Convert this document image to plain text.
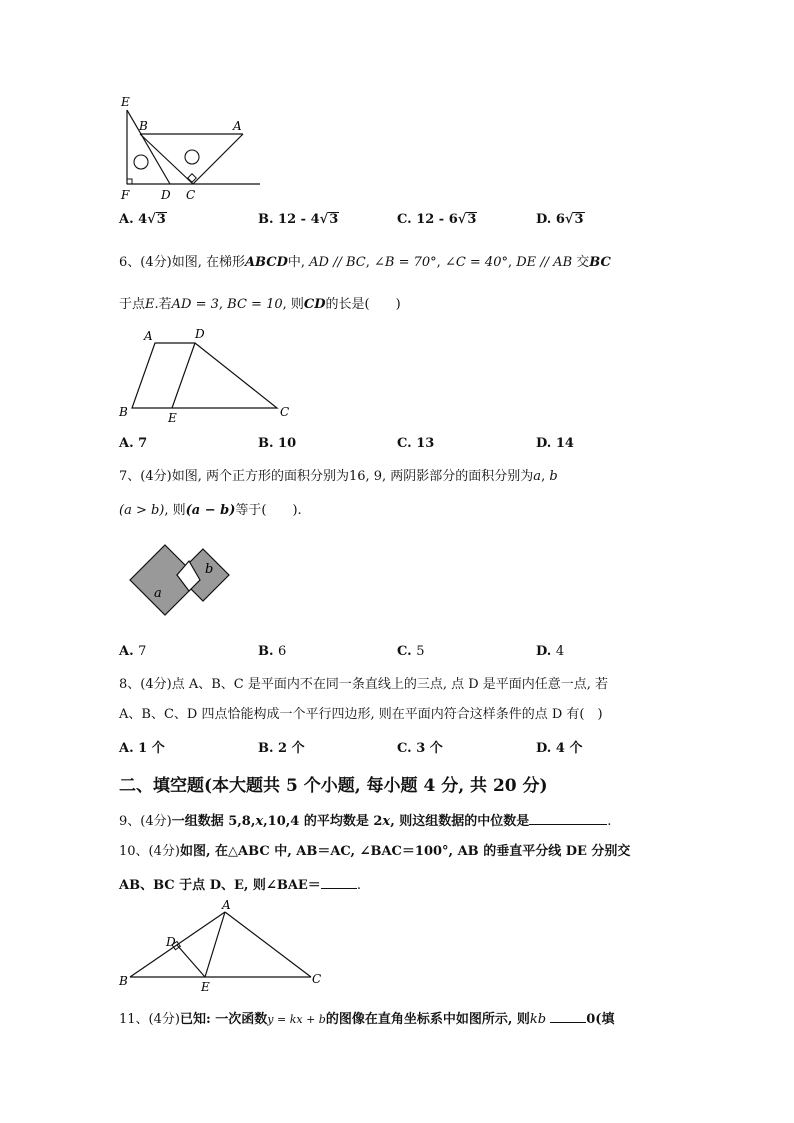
E
B	A
F	D C
A. 4√3	B. 12 - 4√3	C. 12 - 6√3	D. 6√3
6、(4分)如图, 在梯形ABCD中, AD // BC, ∠B = 70°, ∠C = 40°, DE // AB 交BC
于点E.若AD = 3, BC = 10, 则CD的长是(　　)
A	D
B	E	C
A. 7	B. 10	C. 13	D. 14
7、(4分)如图, 两个正方形的面积分别为16, 9, 两阴影部分的面积分别为a, b
(a > b), 则(a − b)等于(　　).
a
b
A. 7	B. 6	C. 5	D. 4
8、(4分)点 A、B、C 是平面内不在同一条直线上的三点, 点 D 是平面内任意一点, 若
A、B、C、D 四点恰能构成一个平行四边形, 则在平面内符合这样条件的点 D 有(　)
A. 1 个	B. 2 个	C. 3 个	D. 4 个
二、填空题(本大题共 5 个小题, 每小题 4 分, 共 20 分)
9、(4分)一组数据 5,8,x,10,4 的平均数是 2x, 则这组数据的中位数是	.
10、(4分)如图, 在△ABC 中, AB＝AC, ∠BAC＝100°, AB 的垂直平分线 DE 分别交
AB、BC 于点 D、E, 则∠BAE＝	.
A
D
B	E
C
11、(4分)已知: 一次函数y = kx + b的图像在直角坐标系中如图所示, 则kb	0(填
